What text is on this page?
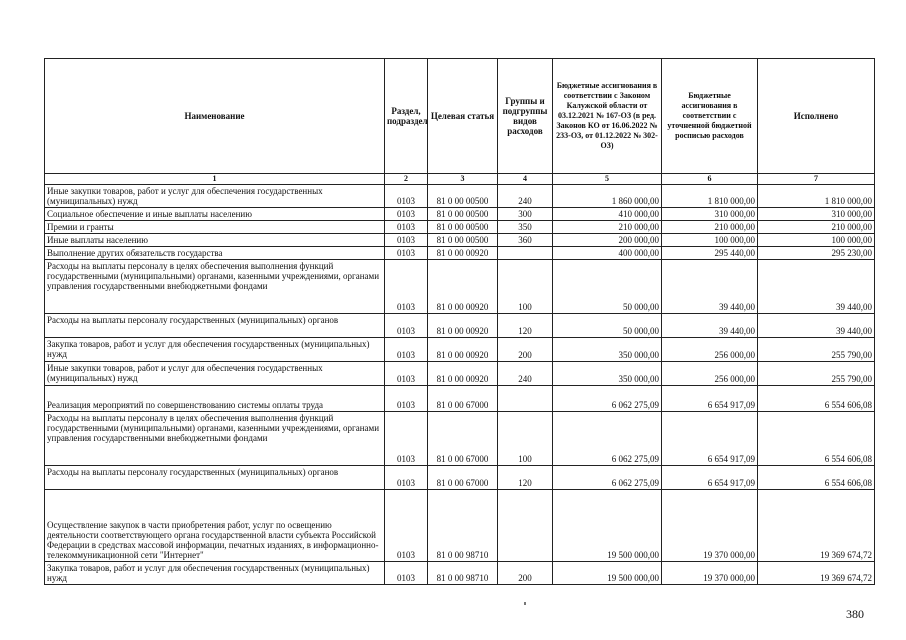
Наименование	Раздел, подраздел	Целевая статья	Группы и подгруппы видов расходов	Бюджетные ассигнования в соответствии с Законом Калужской области от 03.12.2021 № 167-ОЗ (в ред. Законов КО от 16.06.2022 № 233-ОЗ, от 01.12.2022 № 302-ОЗ)	Бюджетные ассигнования в соответствии с уточненной бюджетной росписью расходов	Исполнено
1	2	3	4	5	6	7
Иные закупки товаров, работ и услуг для обеспечения государственных (муниципальных) нужд	0103	81 0 00 00500	240	1 860 000,00	1 810 000,00	1 810 000,00
Социальное обеспечение и иные выплаты населению	0103	81 0 00 00500	300	410 000,00	310 000,00	310 000,00
Премии и гранты	0103	81 0 00 00500	350	210 000,00	210 000,00	210 000,00
Иные выплаты населению	0103	81 0 00 00500	360	200 000,00	100 000,00	100 000,00
Выполнение других обязательств государства	0103	81 0 00 00920		400 000,00	295 440,00	295 230,00
Расходы на выплаты персоналу в целях обеспечения выполнения функций государственными (муниципальными) органами, казенными учреждениями, органами управления государственными внебюджетными фондами	0103	81 0 00 00920	100	50 000,00	39 440,00	39 440,00
Расходы на выплаты персоналу государственных (муниципальных) органов	0103	81 0 00 00920	120	50 000,00	39 440,00	39 440,00
Закупка товаров, работ и услуг для обеспечения государственных (муниципальных) нужд	0103	81 0 00 00920	200	350 000,00	256 000,00	255 790,00
Иные закупки товаров, работ и услуг для обеспечения государственных (муниципальных) нужд	0103	81 0 00 00920	240	350 000,00	256 000,00	255 790,00
Реализация мероприятий по совершенствованию системы оплаты труда	0103	81 0 00 67000		6 062 275,09	6 654 917,09	6 554 606,08
Расходы на выплаты персоналу в целях обеспечения выполнения функций государственными (муниципальными) органами, казенными учреждениями, органами управления государственными внебюджетными фондами	0103	81 0 00 67000	100	6 062 275,09	6 654 917,09	6 554 606,08
Расходы на выплаты персоналу государственных (муниципальных) органов	0103	81 0 00 67000	120	6 062 275,09	6 654 917,09	6 554 606,08
Осуществление закупок в части приобретения работ, услуг по освещению деятельности соответствующего органа государственной власти субъекта Российской Федерации в средствах массовой информации, печатных изданиях, в информационно-телекоммуникационной сети "Интернет"	0103	81 0 00 98710		19 500 000,00	19 370 000,00	19 369 674,72
Закупка товаров, работ и услуг для обеспечения государственных (муниципальных) нужд	0103	81 0 00 98710	200	19 500 000,00	19 370 000,00	19 369 674,72
380
